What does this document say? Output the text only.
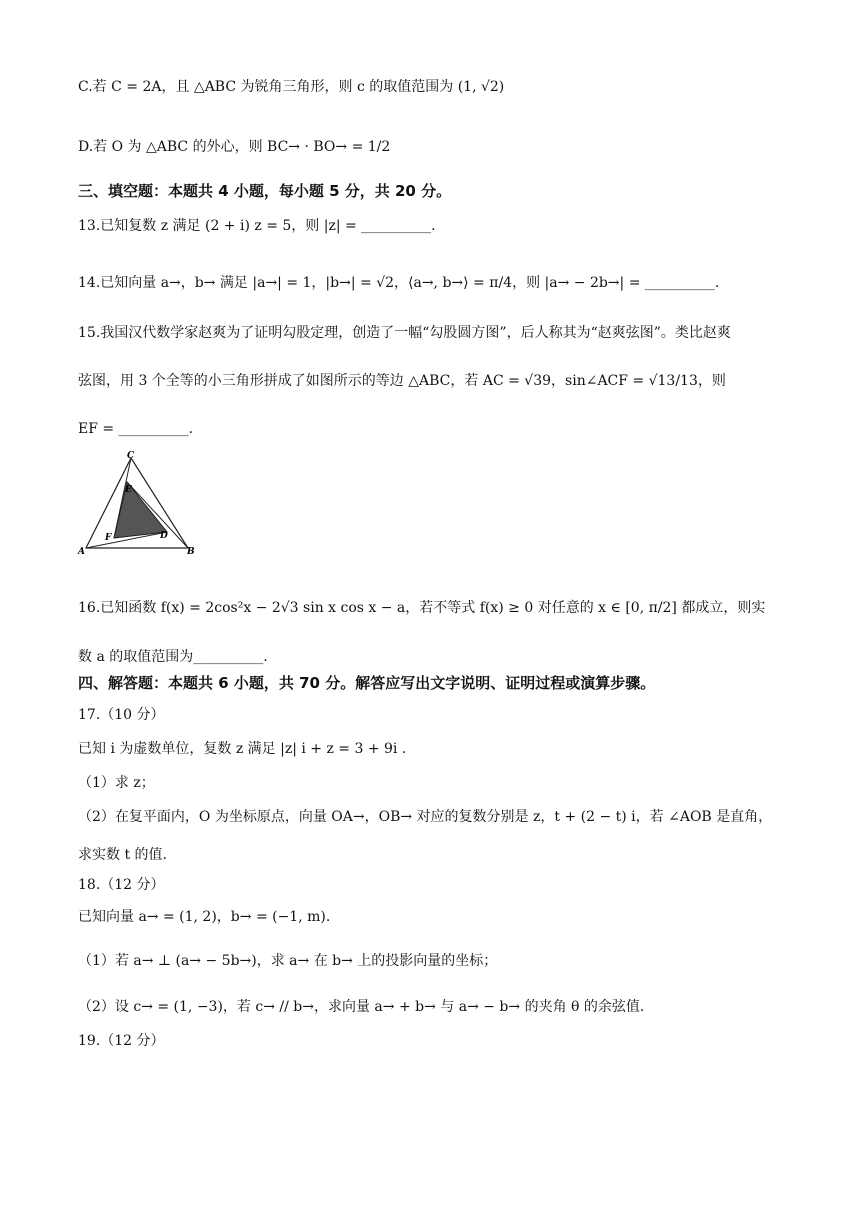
C.若 C = 2A，且 △ABC 为锐角三角形，则 c 的取值范围为 (1, √2)
D.若 O 为 △ABC 的外心，则 BC→ · BO→ = 1/2
三、填空题：本题共 4 小题，每小题 5 分，共 20 分。
13.已知复数 z 满足 (2 + i) z = 5，则 |z| = __________.
14.已知向量 a→，b→ 满足 |a→| = 1，|b→| = √2，⟨a→, b→⟩ = π/4，则 |a→ − 2b→| = __________.
15.我国汉代数学家赵爽为了证明勾股定理，创造了一幅“勾股圆方图”，后人称其为“赵爽弦图”。类比赵爽
弦图，用 3 个全等的小三角形拼成了如图所示的等边 △ABC，若 AC = √39，sin∠ACF = √13/13，则
EF = __________.
A	B
C
D
E
F
16.已知函数 f(x) = 2cos²x − 2√3 sin x cos x − a，若不等式 f(x) ≥ 0 对任意的 x ∈ [0, π/2] 都成立，则实
数 a 的取值范围为__________.
四、解答题：本题共 6 小题，共 70 分。解答应写出文字说明、证明过程或演算步骤。
17.（10 分）
已知 i 为虚数单位，复数 z 满足 |z| i + z = 3 + 9i .
（1）求 z；
（2）在复平面内，O 为坐标原点，向量 OA→，OB→ 对应的复数分别是 z，t + (2 − t) i，若 ∠AOB 是直角，
求实数 t 的值.
18.（12 分）
已知向量 a→ = (1, 2)，b→ = (−1, m).
（1）若 a→ ⊥ (a→ − 5b→)，求 a→ 在 b→ 上的投影向量的坐标；
（2）设 c→ = (1, −3)，若 c→ // b→，求向量 a→ + b→ 与 a→ − b→ 的夹角 θ 的余弦值.
19.（12 分）
